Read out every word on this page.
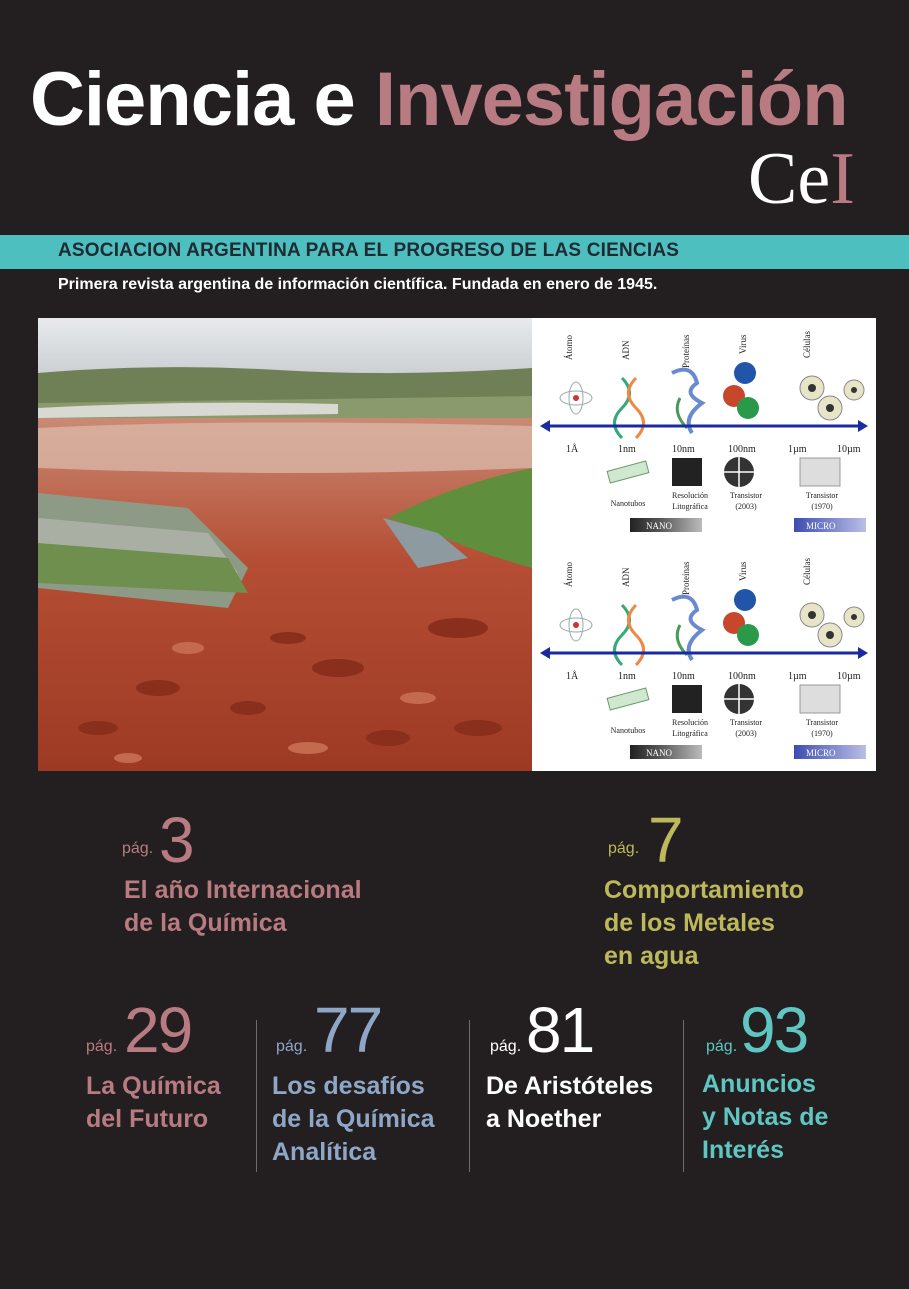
Ciencia e Investigación
CeI
ASOCIACION ARGENTINA PARA EL PROGRESO DE LAS CIENCIAS
Primera revista argentina de información científica. Fundada en enero de 1945.
Átomo	ADN	Proteínas	Virus	Células
1Å	1nm	10nm	100nm	1µm	10µm
Nanotubos
Resolución
Litográfica
Transistor
(2003)
Transistor
(1970)
NANO	MICRO
Átomo	ADN	Proteínas	Virus	Células
1Å	1nm	10nm	100nm	1µm	10µm
Nanotubos
Resolución
Litográfica
Transistor
(2003)
Transistor
(1970)
NANO	MICRO
pág. 3
El año Internacional
de la Química
pág. 7
Comportamiento
de los Metales
en agua
pág. 29
La Química
del Futuro
pág. 77
Los desafíos
de la Química
Analítica
pág. 81
De Aristóteles
a Noether
pág. 93
Anuncios
y Notas de
Interés
